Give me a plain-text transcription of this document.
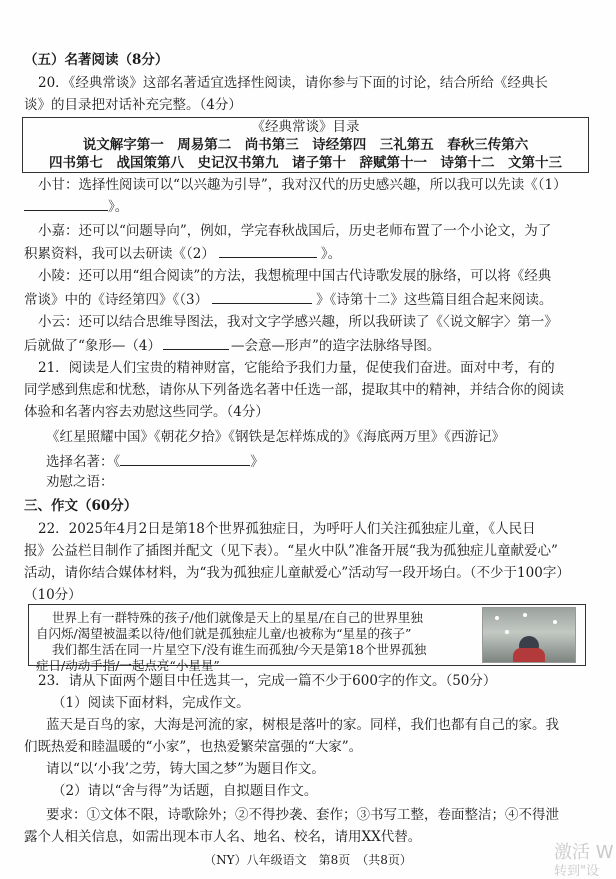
（五）名著阅读（8分）
20．《经典常谈》这部名著适宜选择性阅读，请你参与下面的讨论，结合所给《经典长
谈》的目录把对话补充完整。（4分）
《经典常谈》目录
说文解字第一　周易第二　尚书第三　诗经第四　三礼第五　春秋三传第六
四书第七　战国策第八　史记汉书第九　诸子第十　辞赋第十一　诗第十二　文第十三
小甘：选择性阅读可以“以兴趣为引导”，我对汉代的历史感兴趣，所以我可以先读《（1）
》。
小嘉：还可以“问题导向”，例如，学完春秋战国后，历史老师布置了一个小论文，为了
积累资料，我可以去研读《（2）	》。
小陵：还可以用“组合阅读”的方法，我想梳理中国古代诗歌发展的脉络，可以将《经典
常谈》中的《诗经第四》《（3）	》《诗第十二》这些篇目组合起来阅读。
小云：还可以结合思维导图法，我对文字学感兴趣，所以我研读了《〈说文解字〉第一》
后就做了“象形—（4）	—会意—形声”的造字法脉络导图。
21．阅读是人们宝贵的精神财富，它能给予我们力量，促使我们奋进。面对中考，有的
同学感到焦虑和忧愁，请你从下列备选名著中任选一部，提取其中的精神，并结合你的阅读
体验和名著内容去劝慰这些同学。（4分）
《红星照耀中国》《朝花夕拾》《钢铁是怎样炼成的》《海底两万里》《西游记》
选择名著：《	》
劝慰之语：
三、作文（60分）
22．2025年4月2日是第18个世界孤独症日，为呼吁人们关注孤独症儿童，《人民日
报》公益栏目制作了插图并配文（见下表）。“星火中队”准备开展“我为孤独症儿童献爱心”
活动，请你结合媒体材料，为“我为孤独症儿童献爱心”活动写一段开场白。（不少于100字）
（10分）
世界上有一群特殊的孩子/他们就像是天上的星星/在自己的世界里独
自闪烁/渴望被温柔以待/他们就是孤独症儿童/也被称为“星星的孩子”
我们都生活在同一片星空下/没有谁生而孤独/今天是第18个世界孤独
症日/动动手指/一起点亮“小星星”
23．请从下面两个题目中任选其一，完成一篇不少于600字的作文。（50分）
（1）阅读下面材料，完成作文。
蓝天是百鸟的家，大海是河流的家，树根是落叶的家。同样，我们也都有自己的家。我
们既热爱和睦温暖的“小家”，也热爱繁荣富强的“大家”。
请以“以‘小我’之劳，铸大国之梦”为题目作文。
（2）请以“舍与得”为话题，自拟题目作文。
要求：①文体不限，诗歌除外；②不得抄袭、套作；③书写工整，卷面整洁；④不得泄
露个人相关信息，如需出现本市人名、地名、校名，请用XX代替。
（NY）八年级语文　第8页　（共8页）	激活 W
转到"设
